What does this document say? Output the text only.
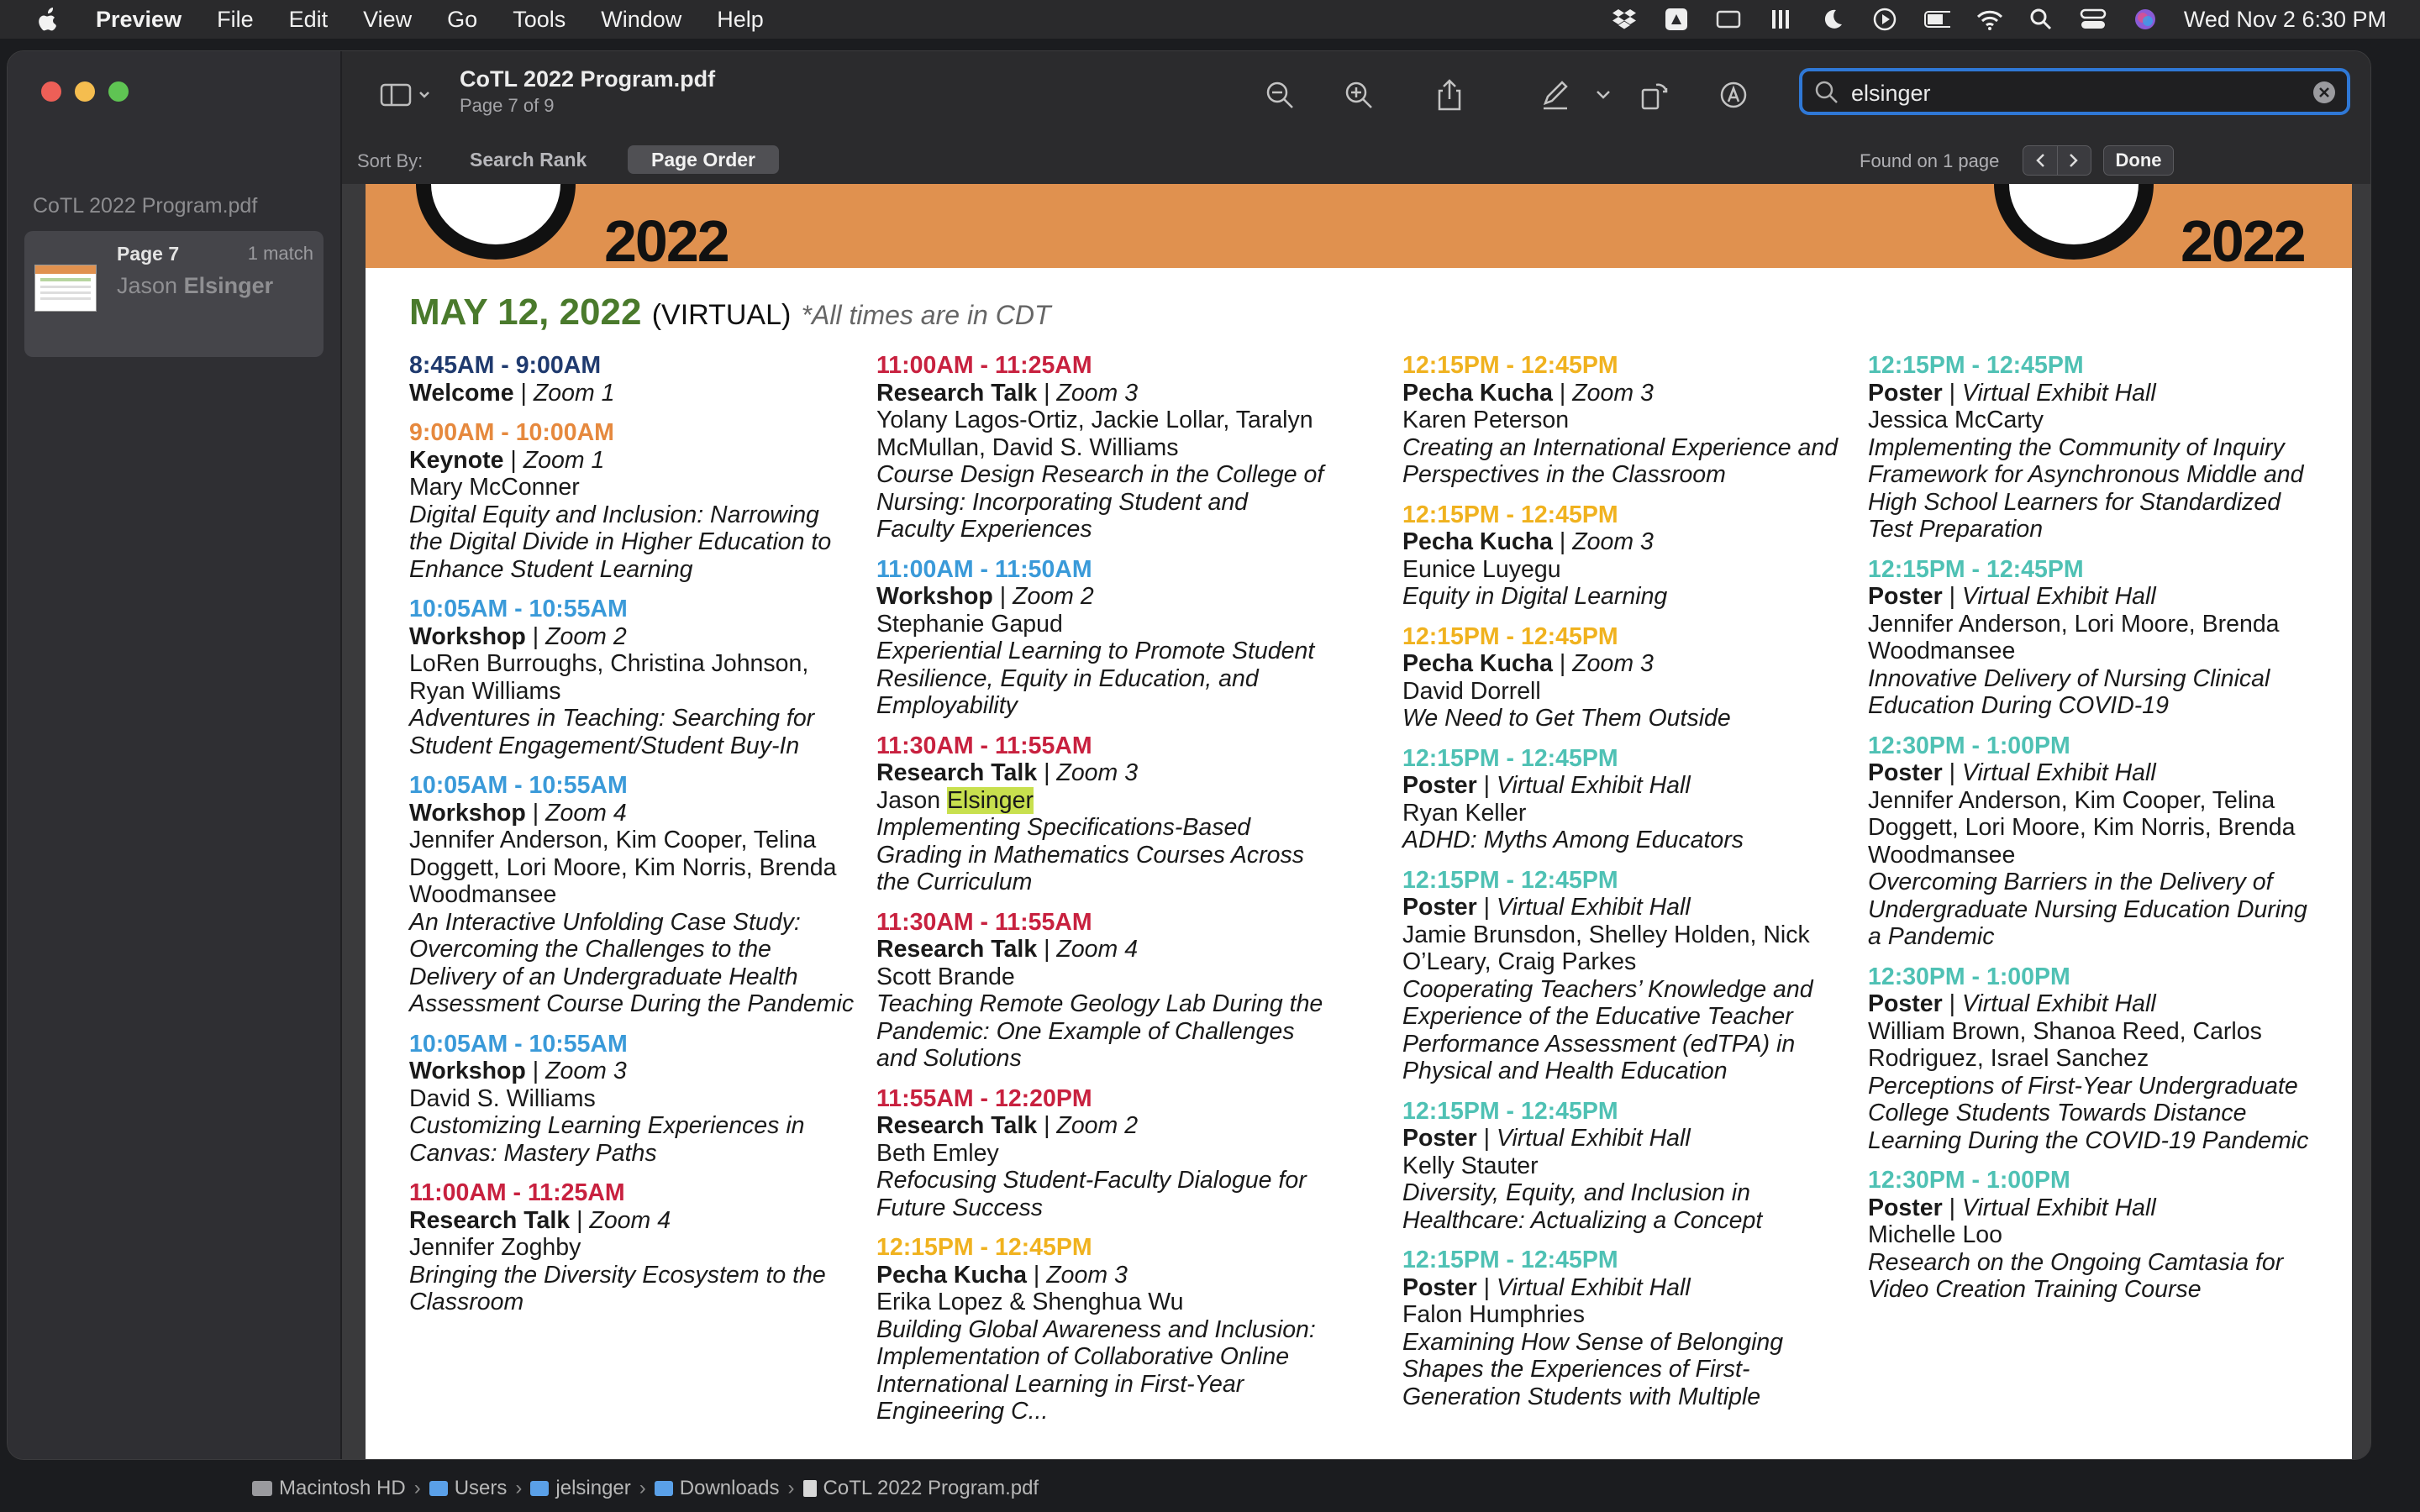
Preview File Edit View Go Tools Window Help	Wed Nov 2 6:30 PM
CoTL 2022 Program.pdf
Page 7	1 match
Jason Elsinger
CoTL 2022 Program.pdf
Page 7 of 9
elsinger
Sort By:	Search Rank	Page Order	Found on 1 page	Done
2022	2022
MAY 12, 2022 (VIRTUAL) *All times are in CDT
8:45AM - 9:00AM
Welcome | Zoom 1
9:00AM - 10:00AM
Keynote | Zoom 1
Mary McConner
Digital Equity and Inclusion: Narrowing the Digital Divide in Higher Education to Enhance Student Learning
10:05AM - 10:55AM
Workshop | Zoom 2
LoRen Burroughs, Christina Johnson, Ryan Williams
Adventures in Teaching: Searching for Student Engagement/Student Buy-In
10:05AM - 10:55AM
Workshop | Zoom 4
Jennifer Anderson, Kim Cooper, Telina Doggett, Lori Moore, Kim Norris, Brenda Woodmansee
An Interactive Unfolding Case Study: Overcoming the Challenges to the Delivery of an Undergraduate Health Assessment Course During the Pandemic
10:05AM - 10:55AM
Workshop | Zoom 3
David S. Williams
Customizing Learning Experiences in Canvas: Mastery Paths
11:00AM - 11:25AM
Research Talk | Zoom 4
Jennifer Zoghby
Bringing the Diversity Ecosystem to the Classroom
11:00AM - 11:25AM
Research Talk | Zoom 3
Yolany Lagos-Ortiz, Jackie Lollar, Taralyn McMullan, David S. Williams
Course Design Research in the College of Nursing: Incorporating Student and Faculty Experiences
11:00AM - 11:50AM
Workshop | Zoom 2
Stephanie Gapud
Experiential Learning to Promote Student Resilience, Equity in Education, and Employability
11:30AM - 11:55AM
Research Talk | Zoom 3
Jason Elsinger
Implementing Specifications-Based Grading in Mathematics Courses Across the Curriculum
11:30AM - 11:55AM
Research Talk | Zoom 4
Scott Brande
Teaching Remote Geology Lab During the Pandemic: One Example of Challenges and Solutions
11:55AM - 12:20PM
Research Talk | Zoom 2
Beth Emley
Refocusing Student-Faculty Dialogue for Future Success
12:15PM - 12:45PM
Pecha Kucha | Zoom 3
Erika Lopez & Shenghua Wu
Building Global Awareness and Inclusion: Implementation of Collaborative Online International Learning in First-Year Engineering C...
12:15PM - 12:45PM
Pecha Kucha | Zoom 3
Karen Peterson
Creating an International Experience and Perspectives in the Classroom
12:15PM - 12:45PM
Pecha Kucha | Zoom 3
Eunice Luyegu
Equity in Digital Learning
12:15PM - 12:45PM
Pecha Kucha | Zoom 3
David Dorrell
We Need to Get Them Outside
12:15PM - 12:45PM
Poster | Virtual Exhibit Hall
Ryan Keller
ADHD: Myths Among Educators
12:15PM - 12:45PM
Poster | Virtual Exhibit Hall
Jamie Brunsdon, Shelley Holden, Nick O’Leary, Craig Parkes
Cooperating Teachers’ Knowledge and Experience of the Educative Teacher Performance Assessment (edTPA) in Physical and Health Education
12:15PM - 12:45PM
Poster | Virtual Exhibit Hall
Kelly Stauter
Diversity, Equity, and Inclusion in Healthcare: Actualizing a Concept
12:15PM - 12:45PM
Poster | Virtual Exhibit Hall
Falon Humphries
Examining How Sense of Belonging Shapes the Experiences of First-Generation Students with Multiple
12:15PM - 12:45PM
Poster | Virtual Exhibit Hall
Jessica McCarty
Implementing the Community of Inquiry Framework for Asynchronous Middle and High School Learners for Standardized Test Preparation
12:15PM - 12:45PM
Poster | Virtual Exhibit Hall
Jennifer Anderson, Lori Moore, Brenda Woodmansee
Innovative Delivery of Nursing Clinical Education During COVID-19
12:30PM - 1:00PM
Poster | Virtual Exhibit Hall
Jennifer Anderson, Kim Cooper, Telina Doggett, Lori Moore, Kim Norris, Brenda Woodmansee
Overcoming Barriers in the Delivery of Undergraduate Nursing Education During a Pandemic
12:30PM - 1:00PM
Poster | Virtual Exhibit Hall
William Brown, Shanoa Reed, Carlos Rodriguez, Israel Sanchez
Perceptions of First-Year Undergraduate College Students Towards Distance Learning During the COVID-19 Pandemic
12:30PM - 1:00PM
Poster | Virtual Exhibit Hall
Michelle Loo
Research on the Ongoing Camtasia for Video Creation Training Course
Macintosh HD › Users › jelsinger › Downloads › CoTL 2022 Program.pdf
